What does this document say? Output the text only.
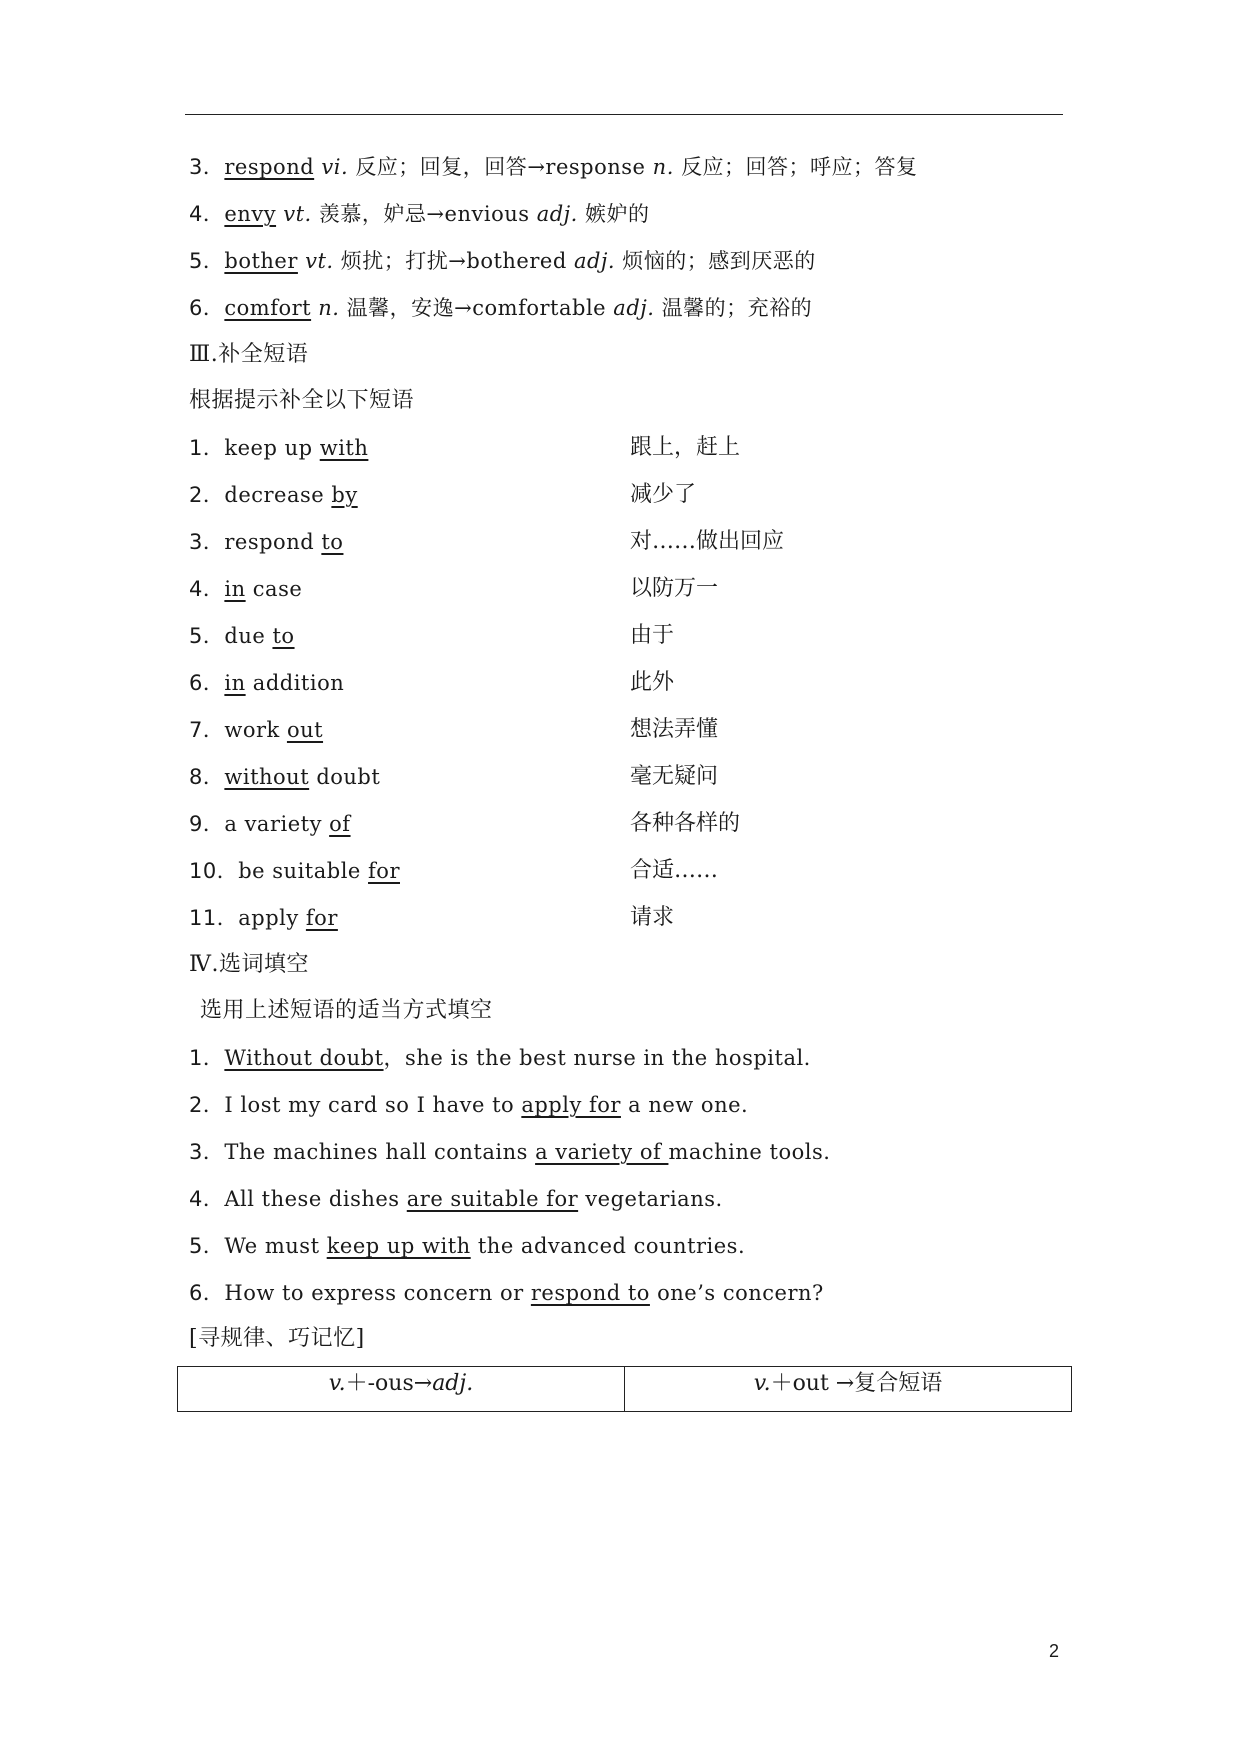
3．respond vi. 反应；回复，回答→response n. 反应；回答；呼应；答复
4．envy vt. 羡慕，妒忌→envious adj. 嫉妒的
5．bother vt. 烦扰；打扰→bothered adj. 烦恼的；感到厌恶的
6．comfort n. 温馨，安逸→comfortable adj. 温馨的；充裕的
Ⅲ.补全短语
根据提示补全以下短语
1．keep up with	跟上，赶上
2．decrease by	减少了
3．respond to	对……做出回应
4．in case	以防万一
5．due to	由于
6．in addition	此外
7．work out	想法弄懂
8．without doubt	毫无疑问
9．a variety of	各种各样的
10．be suitable for	合适……
11．apply for	请求
Ⅳ.选词填空
选用上述短语的适当方式填空
1．Without doubt，she is the best nurse in the hospital.
2．I lost my card so I have to apply for a new one.
3．The machines hall contains a variety of machine tools.
4．All these dishes are suitable for vegetarians.
5．We must keep up with the advanced countries.
6．How to express concern or respond to one’s concern?
[寻规律、巧记忆]
v.＋-ous→adj.	v.＋out →复合短语
2
